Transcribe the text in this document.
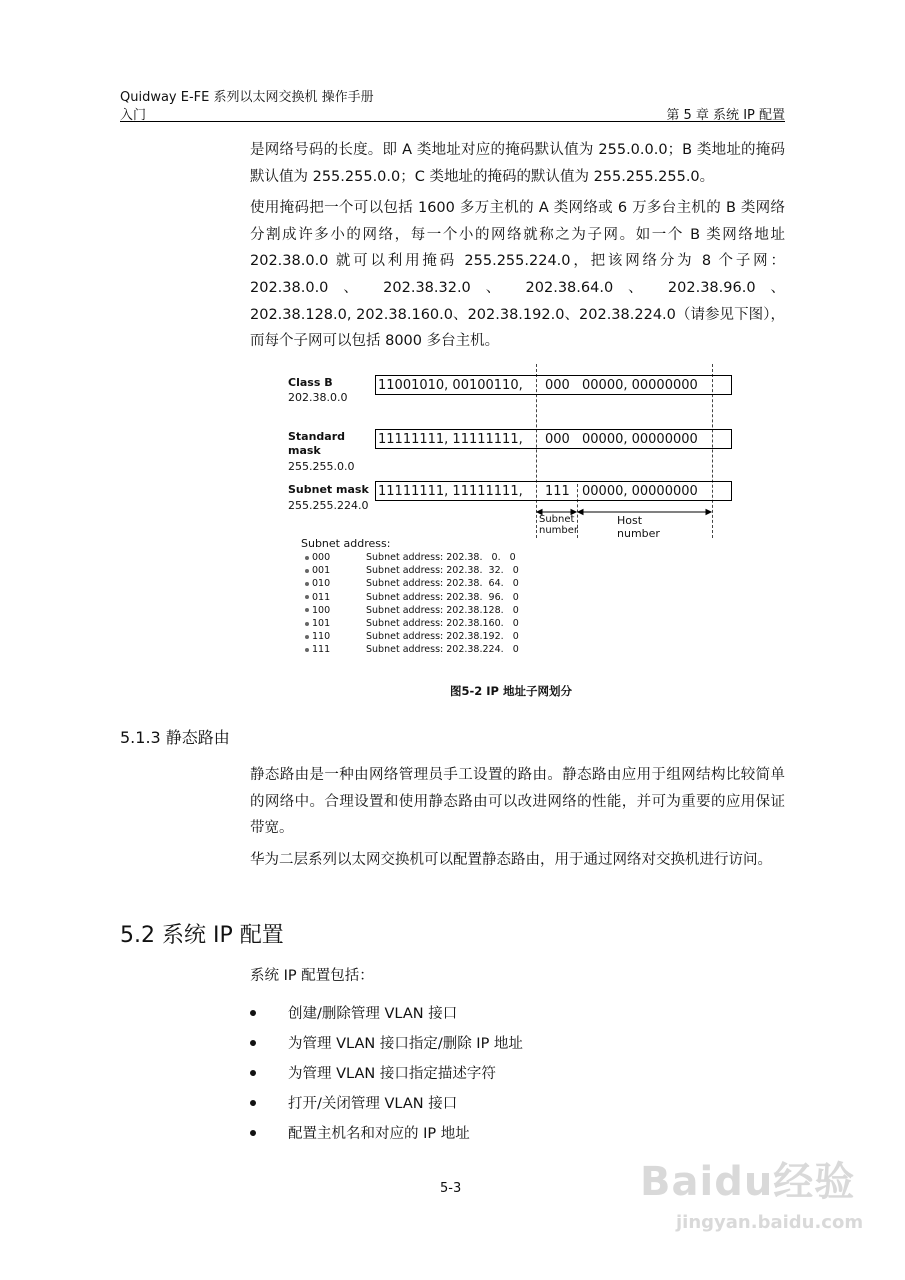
Quidway E-FE 系列以太网交换机 操作手册
入门	第 5 章 系统 IP 配置

是网络号码的长度。即 A 类地址对应的掩码默认值为 255.0.0.0；B 类地址的掩码默认值为 255.255.0.0；C 类地址的掩码的默认值为 255.255.255.0。

使用掩码把一个可以包括 1600 多万主机的 A 类网络或 6 万多台主机的 B 类网络分割成许多小的网络，每一个小的网络就称之为子网。如一个 B 类网络地址 202.38.0.0 就可以利用掩码 255.255.224.0，把该网络分为 8 个子网：202.38.0.0 、 202.38.32.0 、 202.38.64.0 、 202.38.96.0 、 202.38.128.0, 202.38.160.0、202.38.192.0、202.38.224.0（请参见下图），而每个子网可以包括 8000 多台主机。

Class B
202.38.0.0
11001010, 00100110, 000 00000, 00000000
Standard mask
255.255.0.0
11111111, 11111111, 000 00000, 00000000
Subnet mask
255.255.224.0
11111111, 11111111, 111 00000, 00000000
Subnet number
Host number
Subnet address:
000	Subnet address: 202.38.   0.   0
001	Subnet address: 202.38.  32.   0
010	Subnet address: 202.38.  64.   0
011	Subnet address: 202.38.  96.   0
100	Subnet address: 202.38.128.   0
101	Subnet address: 202.38.160.   0
110	Subnet address: 202.38.192.   0
111	Subnet address: 202.38.224.   0
图5-2 IP 地址子网划分
5.1.3 静态路由

静态路由是一种由网络管理员手工设置的路由。静态路由应用于组网结构比较简单的网络中。合理设置和使用静态路由可以改进网络的性能，并可为重要的应用保证带宽。

华为二层系列以太网交换机可以配置静态路由，用于通过网络对交换机进行访问。

5.2 系统 IP 配置
系统 IP 配置包括：
创建/删除管理 VLAN 接口
为管理 VLAN 接口指定/删除 IP 地址
为管理 VLAN 接口指定描述字符
打开/关闭管理 VLAN 接口
配置主机名和对应的 IP 地址
5-3	Baidu经验
jingyan.baidu.com
